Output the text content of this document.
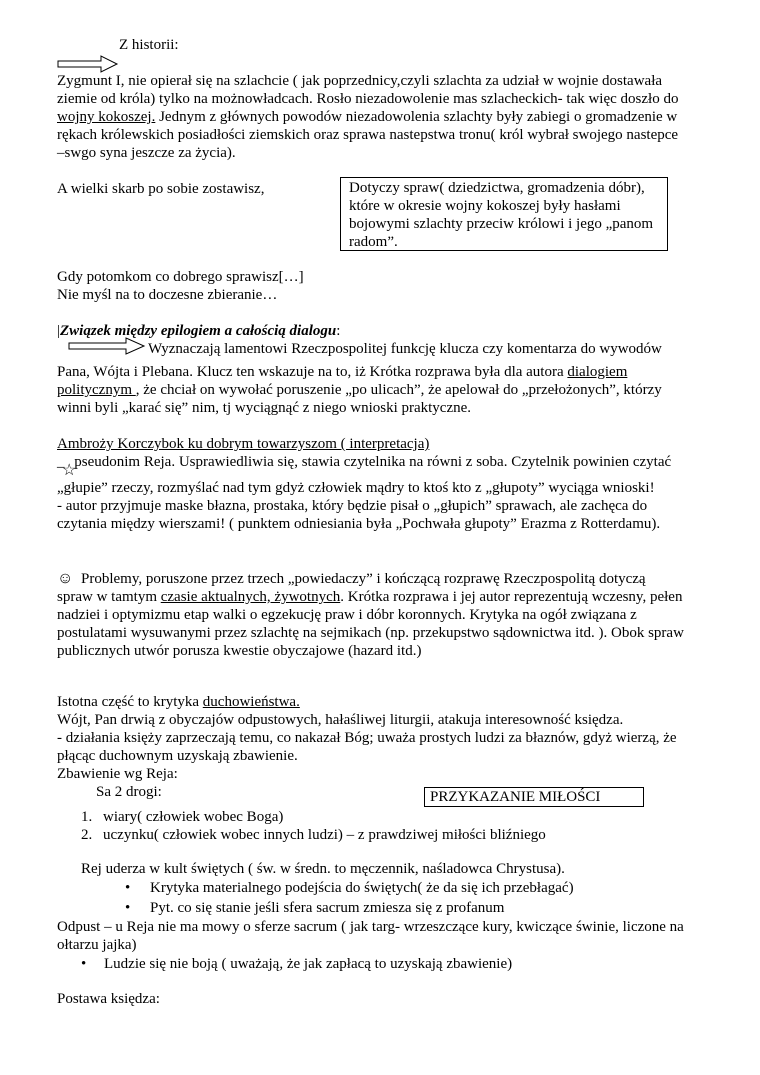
Z historii:
Zygmunt I, nie opierał się na szlachcie ( jak poprzednicy,czyli szlachta za udział w wojnie dostawała
ziemie od króla) tylko na możnowładcach. Rosło niezadowolenie mas szlacheckich- tak więc doszło do
wojny kokoszej. Jednym z głównych powodów niezadowolenia szlachty były zabiegi o gromadzenie w
rękach królewskich posiadłości ziemskich oraz sprawa nastepstwa tronu( król wybrał swojego nastepce
–swgo syna jeszcze za życia).
A wielki skarb po sobie zostawisz,	Dotyczy spraw( dziedzictwa, gromadzenia dóbr),
które w okresie wojny kokoszej były hasłami
bojowymi szlachty przeciw królowi i jego „panom
radom”.
Gdy potomkom co dobrego sprawisz[…]
Nie myśl na to doczesne zbieranie…
|Związek między epilogiem a całością dialogu:
Wyznaczają lamentowi Rzeczpospolitej funkcję klucza czy komentarza do wywodów
Pana, Wójta i Plebana. Klucz ten wskazuje na to, iż Krótka rozprawa była dla autora dialogiem
politycznym , że chciał on wywołać poruszenie „po ulicach”, że apelował do „przełożonych”, którzy
winni byli „karać się” nim, tj wyciągnąć z niego wnioski praktyczne.
Ambroży Korczybok ku dobrym towarzyszom ( interpretacja)
_ pseudonim Reja. Usprawiedliwia się, stawia czytelnika na równi z soba. Czytelnik powinien czytać
☆
„głupie” rzeczy, rozmyślać nad tym gdyż człowiek mądry to ktoś kto z „głupoty” wyciąga wnioski!
- autor przyjmuje maske błazna, prostaka, który będzie pisał o „głupich” sprawach, ale zachęca do
czytania między wierszami! ( punktem odniesiania była „Pochwała głupoty” Erazma z Rotterdamu).
☺ Problemy, poruszone przez trzech „powiedaczy” i kończącą rozprawę Rzeczpospolitą dotyczą
spraw w tamtym czasie aktualnych, żywotnych. Krótka rozprawa i jej autor reprezentują wczesny, pełen
nadziei i optymizmu etap walki o egzekucję praw i dóbr koronnych. Krytyka na ogół związana z
postulatami wysuwanymi przez szlachtę na sejmikach (np. przekupstwo sądownictwa itd. ). Obok spraw
publicznych utwór porusza kwestie obyczajowe (hazard itd.)
Istotna część to krytyka duchowieństwa.
Wójt, Pan drwią z obyczajów odpustowych, hałaśliwej liturgii, atakuja interesowność księdza.
- działania księży zaprzeczają temu, co nakazał Bóg; uważa prostych ludzi za błaznów, gdyż wierzą, że
płącąc duchownym uzyskają zbawienie.
Zbawienie wg Reja:
Sa 2 drogi:	PRZYKAZANIE MIŁOŚCI
1. wiary( człowiek wobec Boga)
2. uczynku( człowiek wobec innych ludzi) – z prawdziwej miłości bliźniego
Rej uderza w kult świętych ( św. w średn. to męczennik, naśladowca Chrystusa).
• Krytyka materialnego podejścia do świętych( że da się ich przebłagać)
• Pyt. co się stanie jeśli sfera sacrum zmiesza się z profanum
Odpust – u Reja nie ma mowy o sferze sacrum ( jak targ- wrzeszczące kury, kwiczące świnie, liczone na
ołtarzu jajka)
• Ludzie się nie boją ( uważają, że jak zapłacą to uzyskają zbawienie)
Postawa księdza:
